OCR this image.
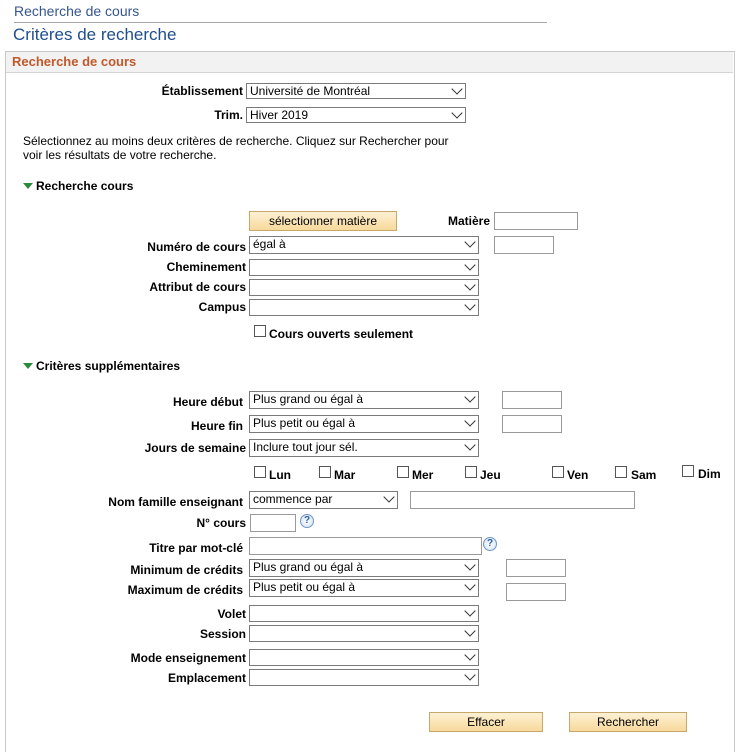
Recherche de cours
Critères de recherche
Recherche de cours
Établissement Université de Montréal
Trim. Hiver 2019
Sélectionnez au moins deux critères de recherche. Cliquez sur Rechercher pour voir les résultats de votre recherche.
Recherche cours
sélectionner matière	Matière
Numéro de cours égal à
Cheminement
Attribut de cours
Campus
Cours ouverts seulement
Critères supplémentaires
Heure début Plus grand ou égal à
Heure fin Plus petit ou égal à
Jours de semaine Inclure tout jour sél.
Lun	Mar	Mer	Jeu	Ven	Sam	Dim
Nom famille enseignant commence par
N° cours	?
Titre par mot-clé	?
Minimum de crédits Plus grand ou égal à
Maximum de crédits Plus petit ou égal à
Volet
Session
Mode enseignement
Emplacement
Effacer	Rechercher
